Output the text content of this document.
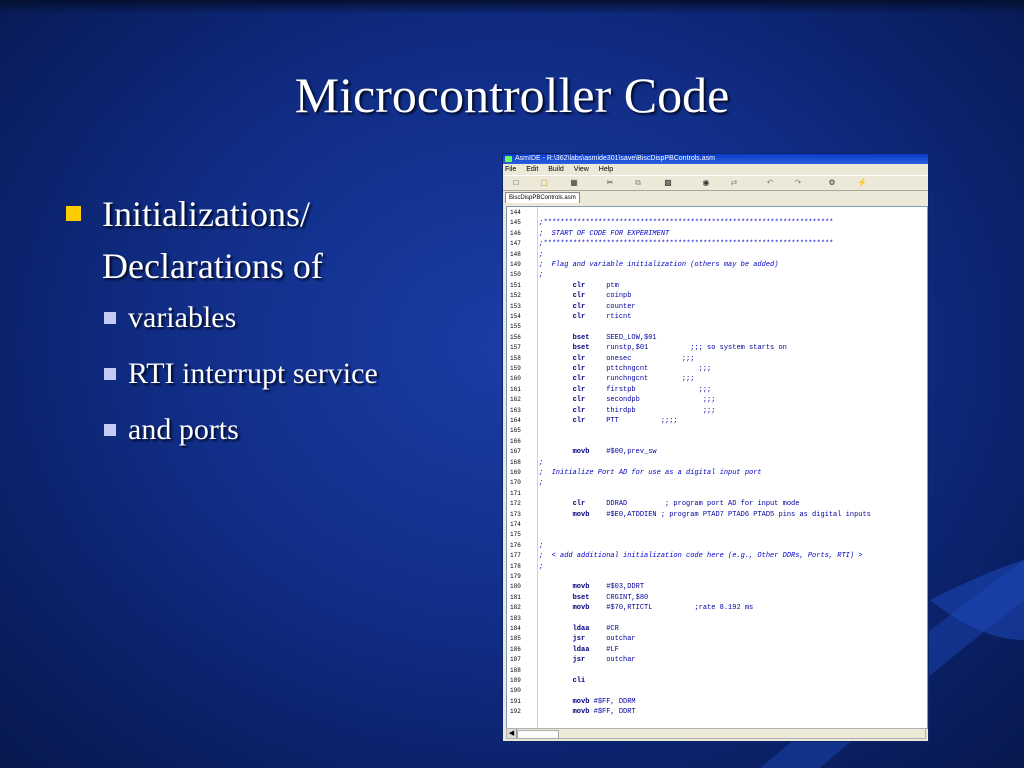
Microcontroller Code
Initializations/ Declarations of
variables
RTI interrupt service
and ports
AsmIDE - R:\362\labs\asmide301\save\BiscDispPBControls.asm
File Edit Build View Help
□	▢	▦	✂	⧉	▩	◉	⇄	↶	↷	⚙	⚡
BiscDispPBControls.asm
144
145	;*********************************************************************
146	;  START OF CODE FOR EXPERIMENT
147	;*********************************************************************
148	;
149	;  Flag and variable initialization (others may be added)
150	;
151	clr     ptm
152	clr     coinpb
153	clr     counter
154	clr     rticnt
155
156	bset    SEED_LOW,$01
157	bset    runstp,$01          ;;; so system starts on
158	clr     onesec            ;;;
159	clr     pttchngcnt            ;;;
160	clr     runchngcnt        ;;;
161	clr     firstpb               ;;;
162	clr     secondpb               ;;;
163	clr     thirdpb                ;;;
164	clr     PTT          ;;;;
165
166
167	movb    #$00,prev_sw
168	;
169	;  Initialize Port AD for use as a digital input port
170	;
171
172	clr     DDRAD         ; program port AD for input mode
173	movb    #$E0,ATDDIEN ; program PTAD7 PTAD6 PTAD5 pins as digital inputs
174
175
176	;
177	;  < add additional initialization code here (e.g., Other DDRs, Ports, RTI) >
178	;
179
180	movb    #$03,DDRT
181	bset    CRGINT,$80
182	movb    #$70,RTICTL          ;rate 8.192 ms
183
184	ldaa    #CR
185	jsr     outchar
186	ldaa    #LF
187	jsr     outchar
188
189	cli
190
191	movb #$FF, DDRM
192	movb #$FF, DDRT
◀
